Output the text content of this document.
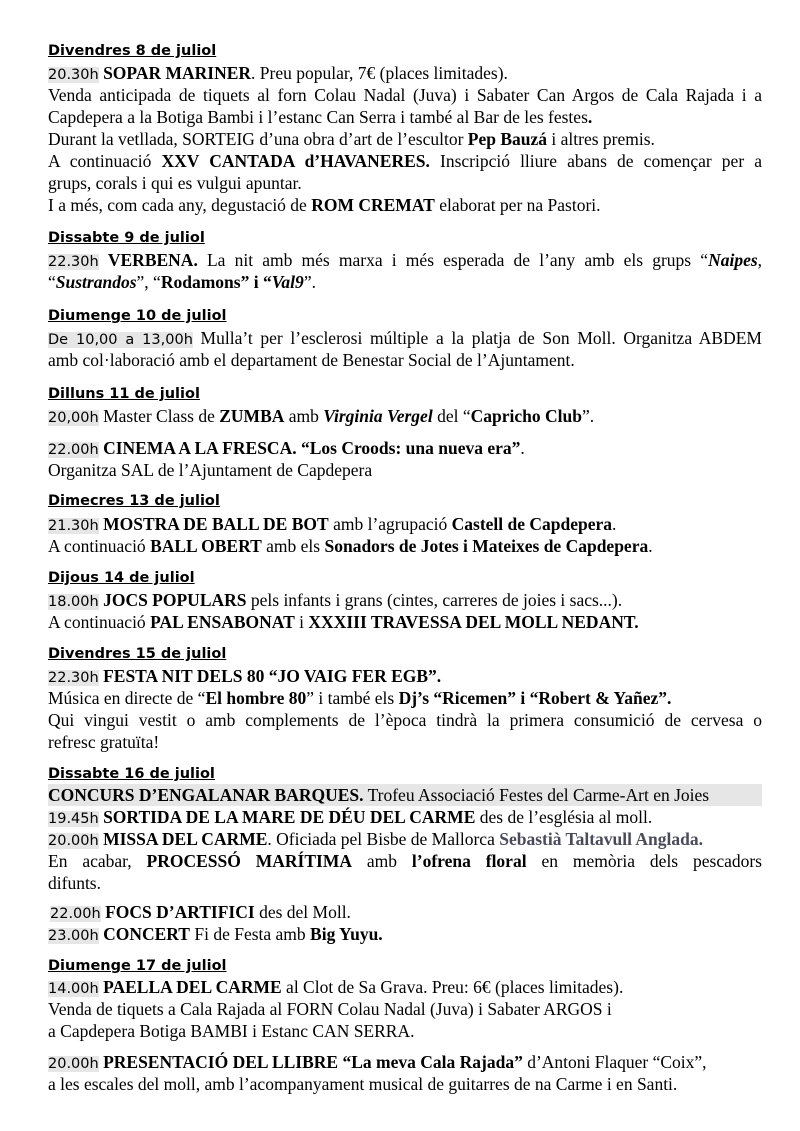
Divendres 8 de juliol
20.30h SOPAR MARINER. Preu popular, 7€ (places limitades).
Venda anticipada de tiquets al forn Colau Nadal (Juva) i Sabater Can Argos de Cala Rajada i a
Capdepera a la Botiga Bambi i l’estanc Can Serra i també al Bar de les festes.
Durant la vetllada, SORTEIG d’una obra d’art de l’escultor Pep Bauzá i altres premis.
A continuació XXV CANTADA d’HAVANERES. Inscripció lliure abans de començar per a
grups, corals i qui es vulgui apuntar.
I a més, com cada any, degustació de ROM CREMAT elaborat per na Pastori.
Dissabte 9 de juliol
22.30h VERBENA. La nit amb més marxa i més esperada de l’any amb els grups “Naipes,
“Sustrandos”, “Rodamons” i “Val9”.
Diumenge 10 de juliol
De 10,00 a 13,00h Mulla’t per l’esclerosi múltiple a la platja de Son Moll. Organitza ABDEM
amb col·laboració amb el departament de Benestar Social de l’Ajuntament.
Dilluns 11 de juliol
20,00h Master Class de ZUMBA amb Virginia Vergel del “Capricho Club”.
22.00h CINEMA A LA FRESCA. “Los Croods: una nueva era”.
Organitza SAL de l’Ajuntament de Capdepera
Dimecres 13 de juliol
21.30h MOSTRA DE BALL DE BOT amb l’agrupació Castell de Capdepera.
A continuació BALL OBERT amb els Sonadors de Jotes i Mateixes de Capdepera.
Dijous 14 de juliol
18.00h JOCS POPULARS pels infants i grans (cintes, carreres de joies i sacs...).
A continuació PAL ENSABONAT i XXXIII TRAVESSA DEL MOLL NEDANT.
Divendres 15 de juliol
22.30h FESTA NIT DELS 80 “JO VAIG FER EGB”.
Música en directe de “El hombre 80” i també els Dj’s “Ricemen” i “Robert & Yañez”.
Qui vingui vestit o amb complements de l’època tindrà la primera consumició de cervesa o
refresc gratuïta!
Dissabte 16 de juliol
CONCURS D’ENGALANAR BARQUES. Trofeu Associació Festes del Carme-Art en Joies
19.45h SORTIDA DE LA MARE DE DÉU DEL CARME des de l’església al moll.
20.00h MISSA DEL CARME. Oficiada pel Bisbe de Mallorca Sebastià Taltavull Anglada.
En acabar, PROCESSÓ MARÍTIMA amb l’ofrena floral en memòria dels pescadors
difunts.
22.00h FOCS D’ARTIFICI des del Moll.
23.00h CONCERT Fi de Festa amb Big Yuyu.
Diumenge 17 de juliol
14.00h PAELLA DEL CARME al Clot de Sa Grava. Preu: 6€ (places limitades).
Venda de tiquets a Cala Rajada al FORN Colau Nadal (Juva) i Sabater ARGOS i
a Capdepera Botiga BAMBI i Estanc CAN SERRA.
20.00h PRESENTACIÓ DEL LLIBRE “La meva Cala Rajada” d’Antoni Flaquer “Coix”,
a les escales del moll, amb l’acompanyament musical de guitarres de na Carme i en Santi.
